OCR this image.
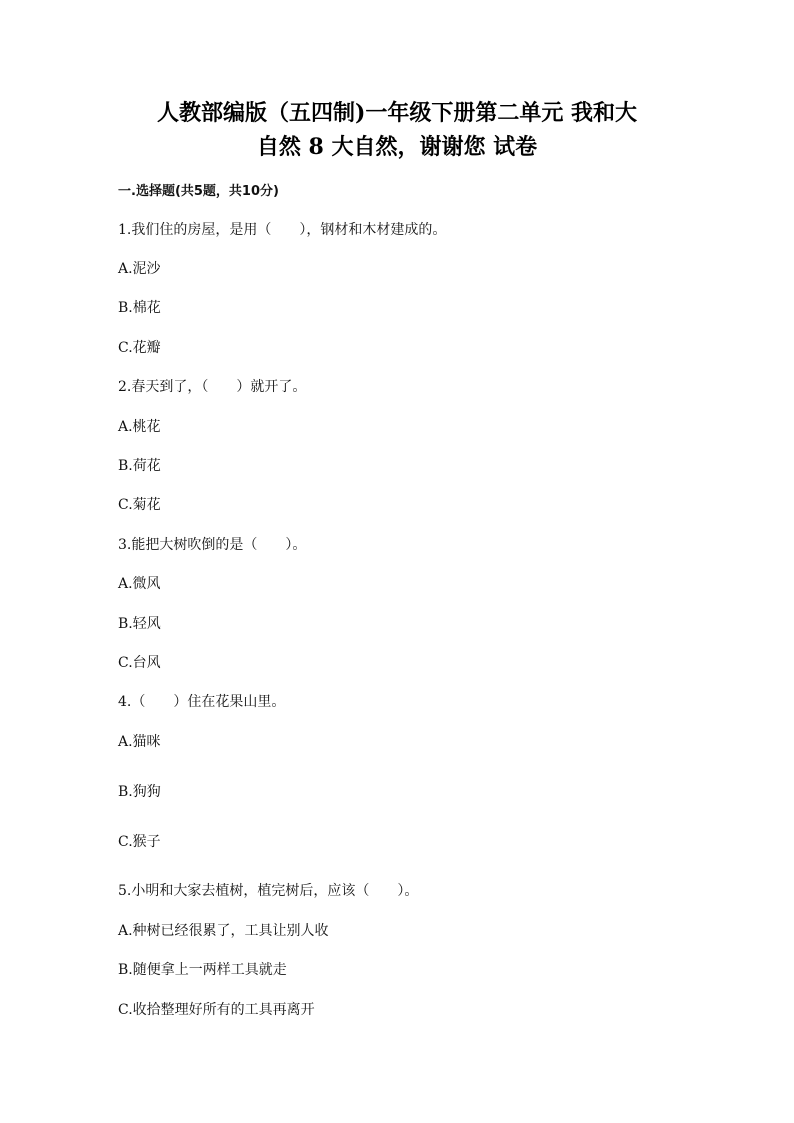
人教部编版（五四制)一年级下册第二单元 我和大
自然 8 大自然，谢谢您 试卷
一.选择题(共5题，共10分)
1.我们住的房屋，是用（　　），钢材和木材建成的。
A.泥沙
B.棉花
C.花瓣
2.春天到了，（　　）就开了。
A.桃花
B.荷花
C.菊花
3.能把大树吹倒的是（　　）。
A.微风
B.轻风
C.台风
4.（　　）住在花果山里。
A.猫咪
B.狗狗
C.猴子
5.小明和大家去植树，植完树后，应该（　　）。
A.种树已经很累了，工具让别人收
B.随便拿上一两样工具就走
C.收拾整理好所有的工具再离开
